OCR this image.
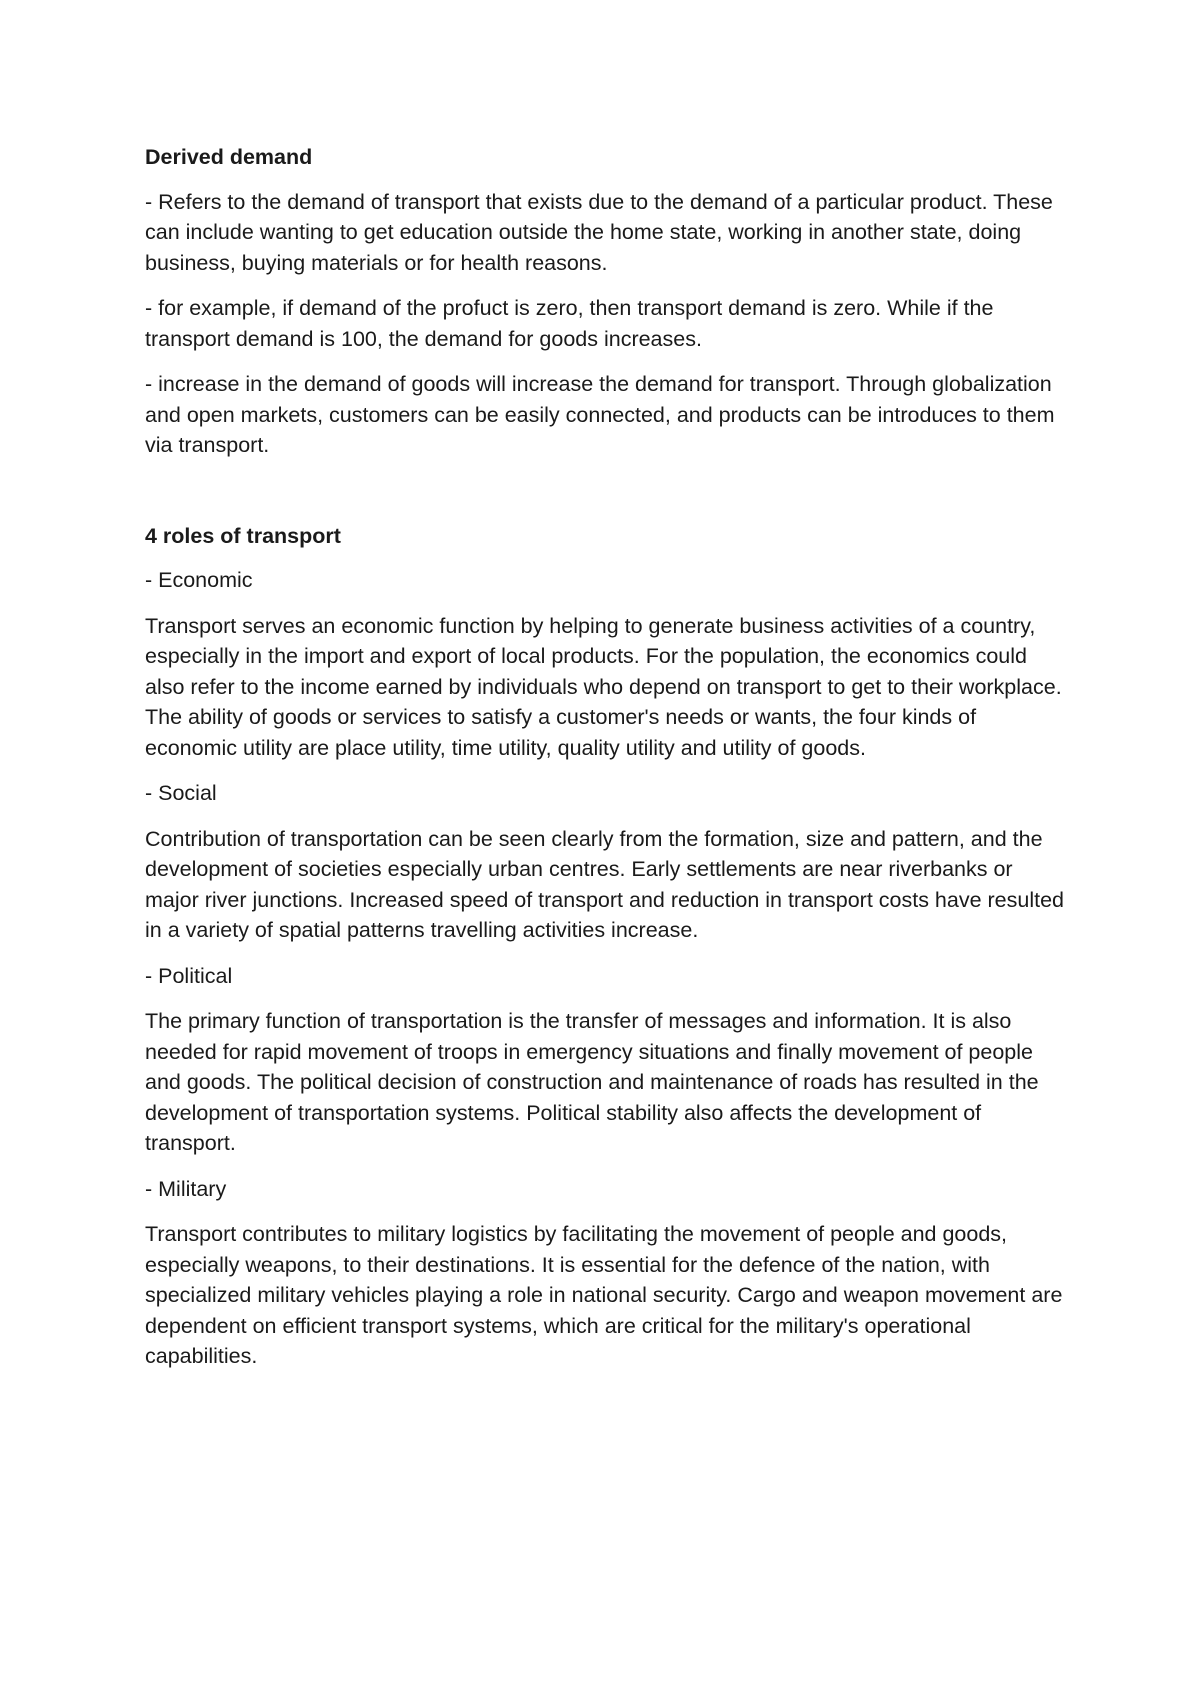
Derived demand

- Refers to the demand of transport that exists due to the demand of a particular product. These can include wanting to get education outside the home state, working in another state, doing business, buying materials or for health reasons.

- for example, if demand of the profuct is zero, then transport demand is zero. While if the transport demand is 100, the demand for goods increases.

- increase in the demand of goods will increase the demand for transport. Through globalization and open markets, customers can be easily connected, and products can be introduces to them via transport.

4 roles of transport

- Economic

Transport serves an economic function by helping to generate business activities of a country, especially in the import and export of local products. For the population, the economics could also refer to the income earned by individuals who depend on transport to get to their workplace. The ability of goods or services to satisfy a customer's needs or wants, the four kinds of economic utility are place utility, time utility, quality utility and utility of goods.

- Social

Contribution of transportation can be seen clearly from the formation, size and pattern, and the development of societies especially urban centres. Early settlements are near riverbanks or major river junctions. Increased speed of transport and reduction in transport costs have resulted in a variety of spatial patterns travelling activities increase.

- Political

The primary function of transportation is the transfer of messages and information. It is also needed for rapid movement of troops in emergency situations and finally movement of people and goods. The political decision of construction and maintenance of roads has resulted in the development of transportation systems. Political stability also affects the development of transport.

- Military

Transport contributes to military logistics by facilitating the movement of people and goods, especially weapons, to their destinations. It is essential for the defence of the nation, with specialized military vehicles playing a role in national security. Cargo and weapon movement are dependent on efficient transport systems, which are critical for the military's operational capabilities.
